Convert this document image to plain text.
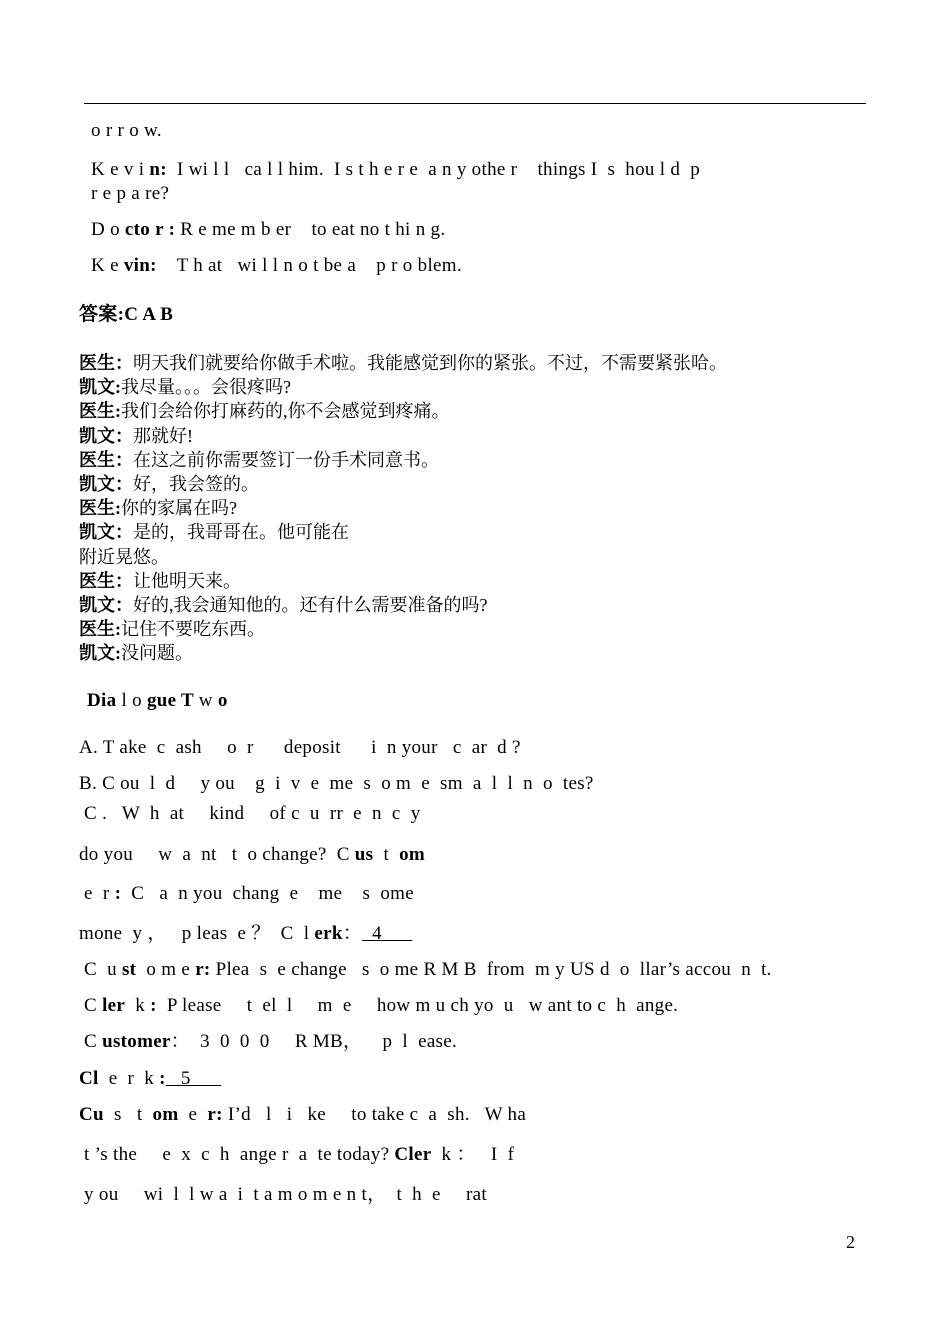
o r r o w.
K e v i n:  I wi l l   ca l l him.  I s t h e r e  a n y othe r    things I  s  hou l d  p
r e p a re?
D o cto r : R e me m b er    to eat no t hi n g.
K e vin:    T h at   wi l l n o t be a    p r o blem.
答案:C A B
医生：明天我们就要给你做手术啦。我能感觉到你的紧张。不过，不需要紧张哈。
凯文:我尽量。。。会很疼吗?
医生:我们会给你打麻药的,你不会感觉到疼痛。
凯文：那就好!
医生：在这之前你需要签订一份手术同意书。
凯文：好，我会签的。
医生:你的家属在吗?
凯文：是的，我哥哥在。他可能在
附近晃悠。
医生：让他明天来。
凯文：好的,我会通知他的。还有什么需要准备的吗?
医生:记住不要吃东西。
凯文:没问题。
Dia l o gue T w o
A. T ake  c  ash     o  r      deposit      i  n your   c  ar  d ?
B. C ou  l  d     y ou    g  i  v  e  me  s  o m  e  sm  a  l  l  n  o  tes?
C .   W  h  at     kind     of c  u  rr  e  n  c  y
do you     w  a  nt   t  o change?  C us  t  om
e  r :  C   a  n you  chang  e    me    s  ome
mone  y ，   p leas  e ？  C  l erk：  4
C  u st  o m e r: Plea  s  e change   s  o me R M B  from  m y US d  o  llar’s accou  n  t.
C ler  k :  P lease     t  el  l     m  e     how m u ch yo  u   w ant to c  h  ange.
C ustomer：  3  0  0  0     R MB，    p  l  ease.
Cl  e  r  k :   5
Cu  s   t  om  e  r: I’d   l   i   ke     to take c  a  sh.   W ha
t ’s the     e  x  c  h  ange r  a  te today? Cler  k ：   I  f
y ou     wi  l  l w a  i  t a m o m e n t，  t  h  e     rat
2
